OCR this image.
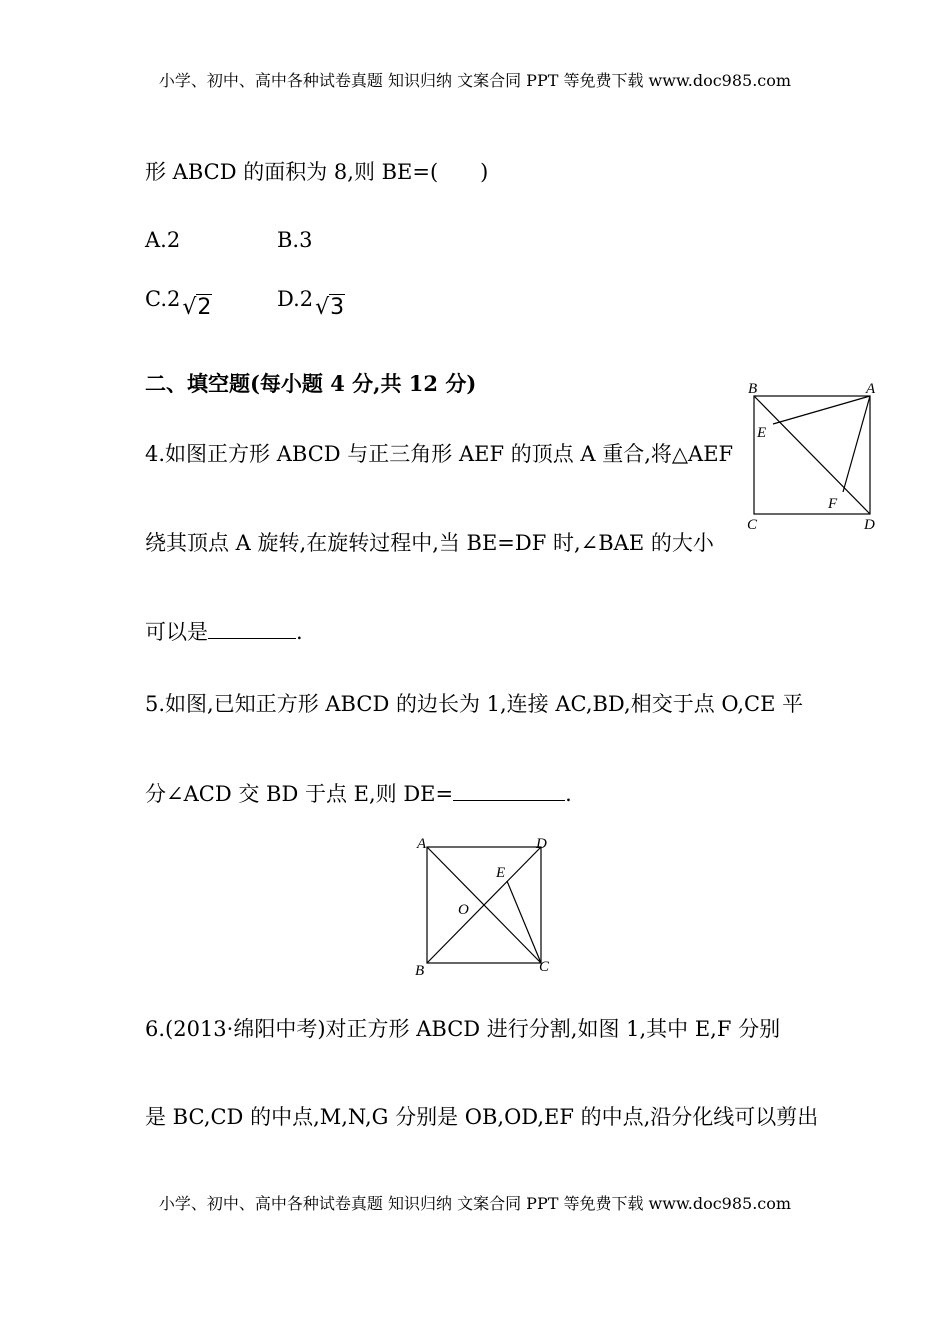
小学、初中、高中各种试卷真题 知识归纳 文案合同 PPT 等免费下载 www.doc985.com
形 ABCD 的面积为 8,则 BE=(　　)
A.2	B.3
C.2√2	D.2√3
二、填空题(每小题 4 分,共 12 分)
4.如图正方形 ABCD 与正三角形 AEF 的顶点 A 重合,将△AEF
绕其顶点 A 旋转,在旋转过程中,当 BE=DF 时,∠BAE 的大小
可以是	.
B	A
E
F
C	D
5.如图,已知正方形 ABCD 的边长为 1,连接 AC,BD,相交于点 O,CE 平
分∠ACD 交 BD 于点 E,则 DE=	.
A	D
E
O
B	C
6.(2013·绵阳中考)对正方形 ABCD 进行分割,如图 1,其中 E,F 分别
是 BC,CD 的中点,M,N,G 分别是 OB,OD,EF 的中点,沿分化线可以剪出
小学、初中、高中各种试卷真题 知识归纳 文案合同 PPT 等免费下载 www.doc985.com
